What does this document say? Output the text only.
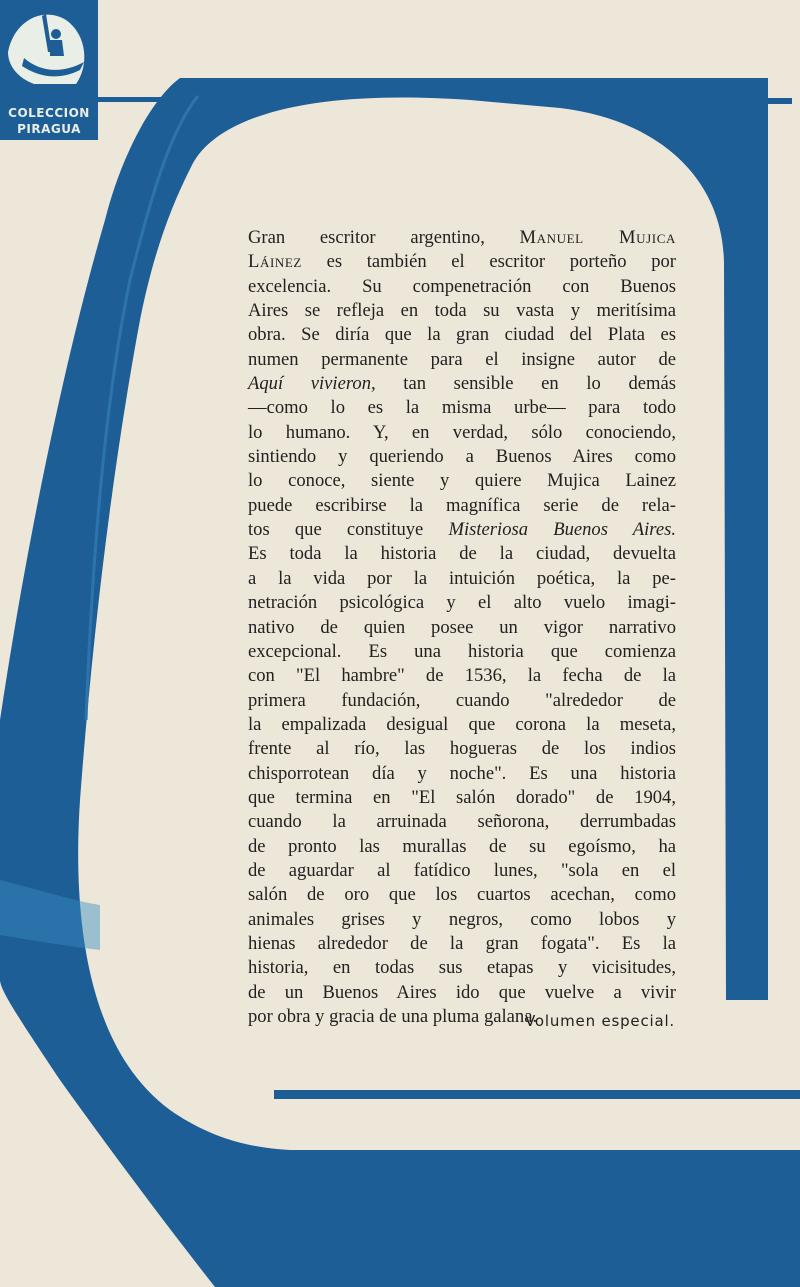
COLECCION
PIRAGUA
Gran escritor argentino, Manuel Mujica
Láinez es también el escritor porteño por
excelencia. Su compenetración con Buenos
Aires se refleja en toda su vasta y meritísima
obra. Se diría que la gran ciudad del Plata es
numen permanente para el insigne autor de
Aquí vivieron, tan sensible en lo demás
—como lo es la misma urbe— para todo
lo humano. Y, en verdad, sólo conociendo,
sintiendo y queriendo a Buenos Aires como
lo conoce, siente y quiere Mujica Lainez
puede escribirse la magnífica serie de rela-
tos que constituye Misteriosa Buenos Aires.
Es toda la historia de la ciudad, devuelta
a la vida por la intuición poética, la pe-
netración psicológica y el alto vuelo imagi-
nativo de quien posee un vigor narrativo
excepcional. Es una historia que comienza
con "El hambre" de 1536, la fecha de la
primera fundación, cuando "alrededor de
la empalizada desigual que corona la meseta,
frente al río, las hogueras de los indios
chisporrotean día y noche". Es una historia
que termina en "El salón dorado" de 1904,
cuando la arruinada señorona, derrumbadas
de pronto las murallas de su egoísmo, ha
de aguardar al fatídico lunes, "sola en el
salón de oro que los cuartos acechan, como
animales grises y negros, como lobos y
hienas alrededor de la gran fogata". Es la
historia, en todas sus etapas y vicisitudes,
de un Buenos Aires ido que vuelve a vivir
por obra y gracia de una pluma galana.
Volumen especial.
